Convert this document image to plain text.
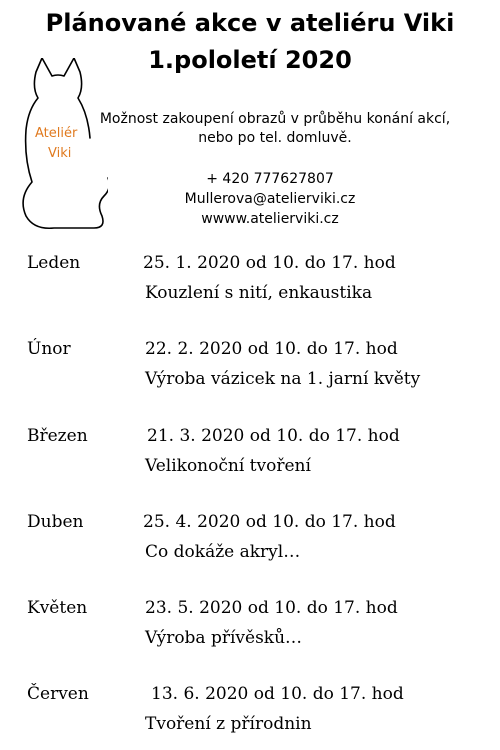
Plánované akce v ateliéru Viki
1.pololetí 2020
Ateliér
Viki
Možnost zakoupení obrazů v průběhu konání akcí,
nebo po tel. domluvě.
+ 420 777627807
Mullerova@atelierviki.cz
wwww.atelierviki.cz
Leden	25. 1. 2020 od 10. do 17. hod
Kouzlení s nití, enkaustika
Únor	22. 2. 2020 od 10. do 17. hod
Výroba vázicek na 1. jarní květy
Březen	21. 3. 2020 od 10. do 17. hod
Velikonoční tvoření
Duben	25. 4. 2020 od 10. do 17. hod
Co dokáže akryl…
Květen	23. 5. 2020 od 10. do 17. hod
Výroba přívěsků…
Červen	13. 6. 2020 od 10. do 17. hod
Tvoření z přírodnin
